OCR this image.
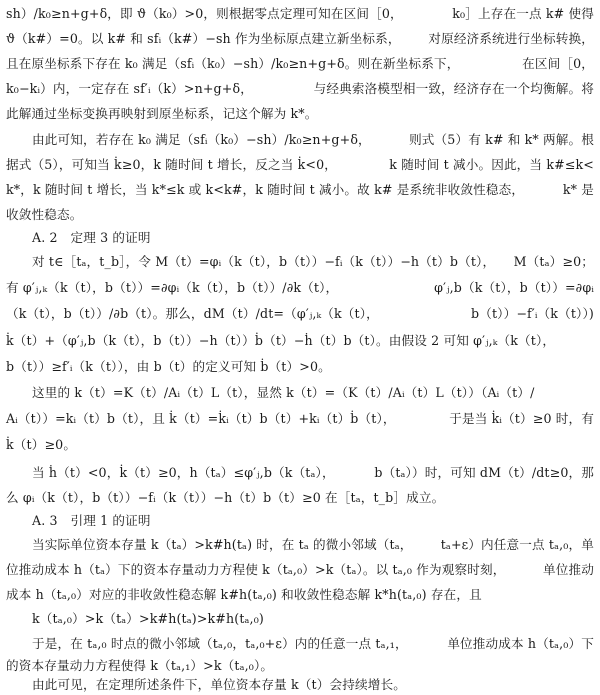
sh）/k₀≥n+g+δ，即 ϑ（k₀）>0，则根据零点定理可知在区间［0，	k₀］上存在一点 k# 使得
ϑ（k#）=0。以 k# 和 sfᵢ（k#）−sh 作为坐标原点建立新坐标系， 对原经济系统进行坐标转换，
且在原坐标系下存在 k₀ 满足（sfᵢ（k₀）−sh）/k₀≥n+g+δ。则在新坐标系下，	在区间［0，
k₀−kᵢ）内，一定存在 sf′ᵢ（k）>n+g+δ，	与经典索洛模型相一致，经济存在一个均衡解。将
此解通过坐标变换再映射到原坐标系，记这个解为 k*。
由此可知，若存在 k₀ 满足（sfᵢ（k₀）−sh）/k₀≥n+g+δ，	则式（5）有 k# 和 k* 两解。根
据式（5），可知当 k̇≥0，k 随时间 t 增长，反之当 k̇<0，	k 随时间 t 减小。因此，当 k#≤k<
k*，k 随时间 t 增长，当 k*≤k 或 k<k#，k 随时间 t 减小。故 k# 是系统非收敛性稳态，	k* 是
收敛性稳态。
A. 2　定理 3 的证明
对 t∈［tₐ，t_b］，令 M（t）=φᵢ（k（t），b（t））−fᵢ（k（t））−h（t）b（t）， M（tₐ）≥0；
有 φ′ⱼ,ₖ（k（t），b（t））=∂φᵢ（k（t），b（t））/∂k（t），	φ′ⱼ,b（k（t），b（t））=∂φᵢ
（k（t），b（t））/∂b（t）。那么，dM（t）/dt=（φ′ⱼ,ₖ（k（t），	b（t））−f′ᵢ（k（t））)
k̇（t）+（φ′ⱼ,b（k（t），b（t））−h（t））ḃ（t）−ḣ（t）b（t）。由假设 2 可知 φ′ⱼ,ₖ（k（t），
b（t））≥f′ᵢ（k（t）），由 b（t）的定义可知 ḃ（t）>0。
这里的 k（t）=K（t）/Aᵢ（t）L（t），显然 k（t）=（K（t）/Aᵢ（t）L（t））（Aᵢ（t）/
Aᵢ（t））=kᵢ（t）b（t），且 k̇（t）=k̇ᵢ（t）b（t）+kᵢ（t）ḃ（t），	于是当 k̇ᵢ（t）≥0 时，有
k̇（t）≥0。
当 ḣ（t）<0，k̇（t）≥0，h（tₐ）≤φ′ⱼ,b（k（tₐ），	b（tₐ））时，可知 dM（t）/dt≥0，那
么 φᵢ（k（t），b（t））−fᵢ（k（t））−h（t）b（t）≥0 在［tₐ，t_b］成立。
A. 3　引理 1 的证明
当实际单位资本存量 k（tₐ）>k#h(tₐ) 时，在 tₐ 的微小邻域（tₐ， tₐ+ε）内任意一点 tₐ,₀，单
位推动成本 h（tₐ）下的资本存量动力方程使 k（tₐ,₀）>k（tₐ）。以 tₐ,₀ 作为观察时刻，	单位推动
成本 h（tₐ,₀）对应的非收敛性稳态解 k#h(tₐ,₀) 和收敛性稳态解 k*h(tₐ,₀) 存在，且
k（tₐ,₀）>k（tₐ）>k#h(tₐ)>k#h(tₐ,₀)
于是，在 tₐ,₀ 时点的微小邻域（tₐ,₀，tₐ,₀+ε）内的任意一点 tₐ,₁，	单位推动成本 h（tₐ,₀）下
的资本存量动力方程使得 k（tₐ,₁）>k（tₐ,₀）。
由此可见，在定理所述条件下，单位资本存量 k（t）会持续增长。
